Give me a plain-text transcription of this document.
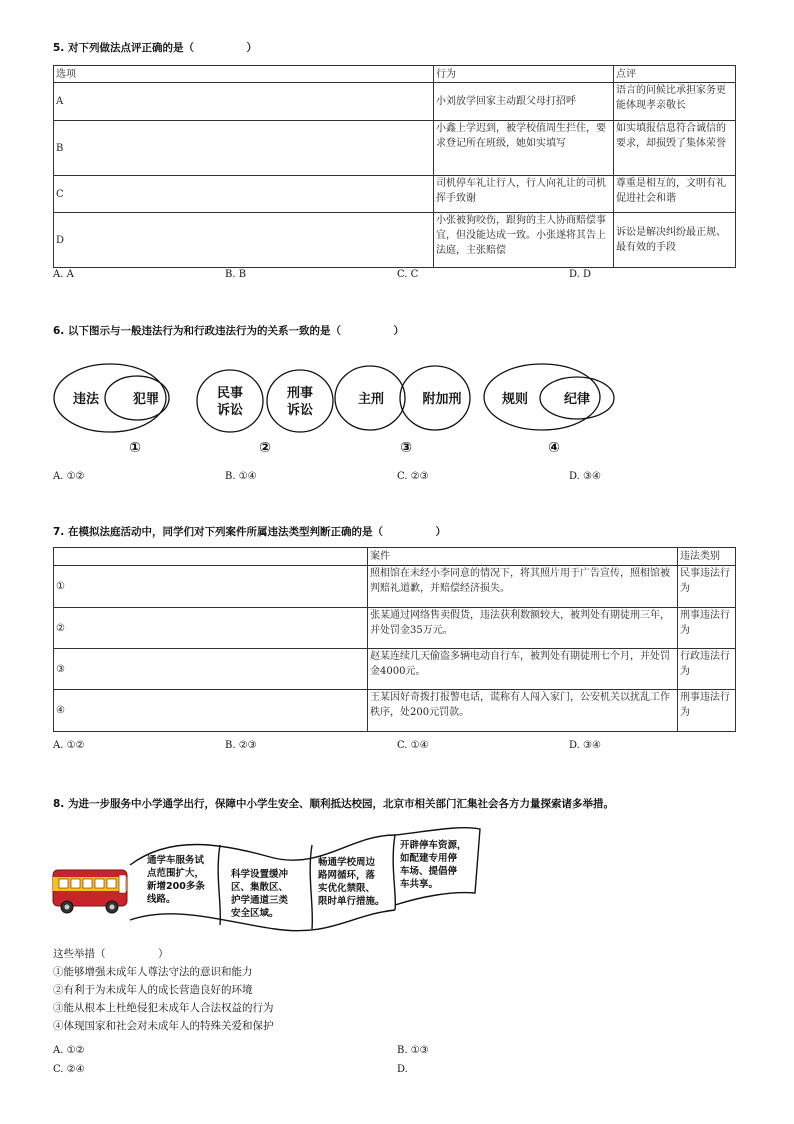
5. 对下列做法点评正确的是（　　　　　）
选项	行为	点评
A	小刘放学回家主动跟父母打招呼	语言的问候比承担家务更能体现孝亲敬长
B	小鑫上学迟到，被学校值周生拦住，要求登记所在班级，她如实填写	如实填报信息符合诚信的要求，却损毁了集体荣誉
C	司机停车礼让行人，行人向礼让的司机挥手致谢	尊重是相互的，文明有礼促进社会和谐
D	小张被狗咬伤，跟狗的主人协商赔偿事宜，但没能达成一致。小张遂将其告上法庭，主张赔偿	诉讼是解决纠纷最正规、最有效的手段
A. A	B. B	C. C	D. D
6. 以下图示与一般违法行为和行政违法行为的关系一致的是（　　　　　）
违法	犯罪
①
民事
诉讼
刑事
诉讼
②
主刑	附加刑
③
规则	纪律
④
A. ①②	B. ①④	C. ②③	D. ③④
7. 在模拟法庭活动中，同学们对下列案件所属违法类型判断正确的是（　　　　　）
	案件	违法类别
①	照相馆在未经小李同意的情况下，将其照片用于广告宣传，照相馆被判赔礼道歉，并赔偿经济损失。	民事违法行为
②	张某通过网络售卖假货，违法获利数额较大，被判处有期徒刑三年，并处罚金35万元。	刑事违法行为
③	赵某连续几天偷盗多辆电动自行车，被判处有期徒刑七个月，并处罚金4000元。	行政违法行为
④	王某因好奇拨打报警电话，谎称有人闯入家门，公安机关以扰乱工作秩序，处200元罚款。	刑事违法行为
A. ①②	B. ②③	C. ①④	D. ③④
8. 为进一步服务中小学通学出行，保障中小学生安全、顺利抵达校园，北京市相关部门汇集社会各方力量探索诸多举措。
通学车服务试
点范围扩大，
新增200多条
线路。
科学设置缓冲
区、集散区、
护学通道三类
安全区域。
畅通学校周边
路网循环，落
实优化禁限、
限时单行措施。
开辟停车资源，
如配建专用停
车场、提倡停
车共享。
这些举措（　　　　　）
①能够增强未成年人尊法守法的意识和能力
②有利于为未成年人的成长营造良好的环境
③能从根本上杜绝侵犯未成年人合法权益的行为
④体现国家和社会对未成年人的特殊关爱和保护
A. ①②	B. ①③
C. ②④	D.
